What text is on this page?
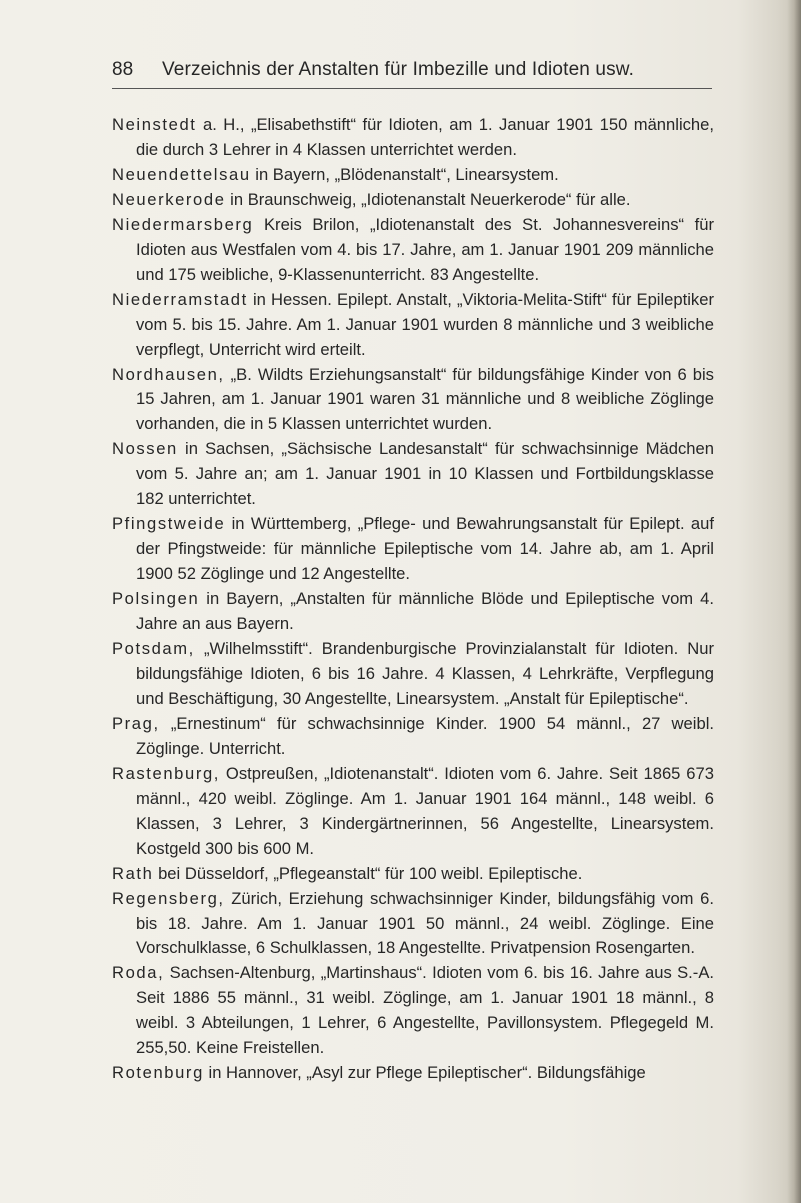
88 Verzeichnis der Anstalten für Imbezille und Idioten usw.

Neinstedt a. H., „Elisabethstift“ für Idioten, am 1. Januar 1901 150 männliche, die durch 3 Lehrer in 4 Klassen unterrichtet werden.

Neuendettelsau in Bayern, „Blödenanstalt“, Linearsystem.

Neuerkerode in Braunschweig, „Idiotenanstalt Neuerkerode“ für alle.

Niedermarsberg Kreis Brilon, „Idiotenanstalt des St. Johannesvereins“ für Idioten aus Westfalen vom 4. bis 17. Jahre, am 1. Januar 1901 209 männliche und 175 weibliche, 9-Klassenunterricht. 83 Angestellte.

Niederramstadt in Hessen. Epilept. Anstalt, „Viktoria-Melita-Stift“ für Epileptiker vom 5. bis 15. Jahre. Am 1. Januar 1901 wurden 8 männliche und 3 weibliche verpflegt, Unterricht wird erteilt.

Nordhausen, „B. Wildts Erziehungsanstalt“ für bildungsfähige Kinder von 6 bis 15 Jahren, am 1. Januar 1901 waren 31 männliche und 8 weibliche Zöglinge vorhanden, die in 5 Klassen unterrichtet wurden.

Nossen in Sachsen, „Sächsische Landesanstalt“ für schwachsinnige Mädchen vom 5. Jahre an; am 1. Januar 1901 in 10 Klassen und Fortbildungsklasse 182 unterrichtet.

Pfingstweide in Württemberg, „Pflege- und Bewahrungsanstalt für Epilept. auf der Pfingstweide: für männliche Epileptische vom 14. Jahre ab, am 1. April 1900 52 Zöglinge und 12 Angestellte.

Polsingen in Bayern, „Anstalten für männliche Blöde und Epileptische vom 4. Jahre an aus Bayern.

Potsdam, „Wilhelmsstift“. Brandenburgische Provinzialanstalt für Idioten. Nur bildungsfähige Idioten, 6 bis 16 Jahre. 4 Klassen, 4 Lehrkräfte, Verpflegung und Beschäftigung, 30 Angestellte, Linearsystem. „Anstalt für Epileptische“.

Prag, „Ernestinum“ für schwachsinnige Kinder. 1900 54 männl., 27 weibl. Zöglinge. Unterricht.

Rastenburg, Ostpreußen, „Idiotenanstalt“. Idioten vom 6. Jahre. Seit 1865 673 männl., 420 weibl. Zöglinge. Am 1. Januar 1901 164 männl., 148 weibl. 6 Klassen, 3 Lehrer, 3 Kindergärtnerinnen, 56 Angestellte, Linearsystem. Kostgeld 300 bis 600 M.

Rath bei Düsseldorf, „Pflegeanstalt“ für 100 weibl. Epileptische.

Regensberg, Zürich, Erziehung schwachsinniger Kinder, bildungsfähig vom 6. bis 18. Jahre. Am 1. Januar 1901 50 männl., 24 weibl. Zöglinge. Eine Vorschulklasse, 6 Schulklassen, 18 Angestellte. Privatpension Rosengarten.

Roda, Sachsen-Altenburg, „Martinshaus“. Idioten vom 6. bis 16. Jahre aus S.-A. Seit 1886 55 männl., 31 weibl. Zöglinge, am 1. Januar 1901 18 männl., 8 weibl. 3 Abteilungen, 1 Lehrer, 6 Angestellte, Pavillonsystem. Pflegegeld M. 255,50. Keine Freistellen.

Rotenburg in Hannover, „Asyl zur Pflege Epileptischer“. Bildungsfähige
